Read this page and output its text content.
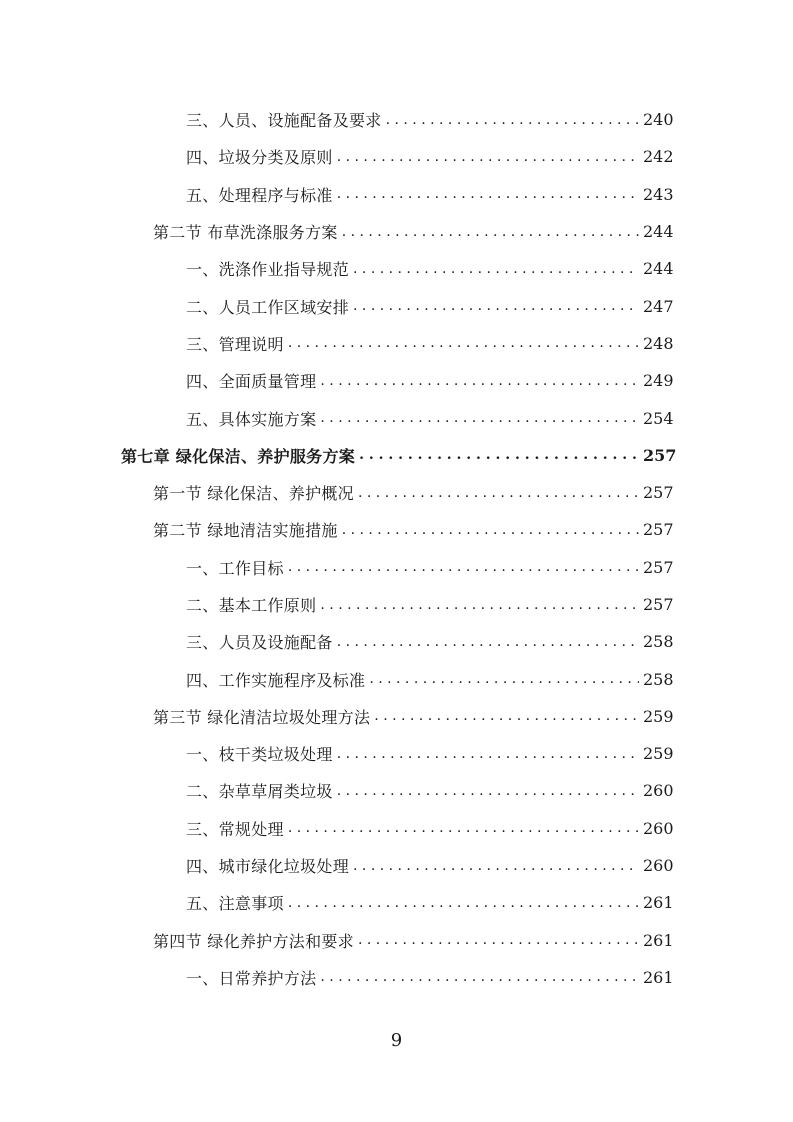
三、人员、设施配备及要求 . . .	240
四、垃圾分类及原则 . . .	242
五、处理程序与标准 . . .	243
第二节 布草洗涤服务方案 . . .	244
一、洗涤作业指导规范 . . .	244
二、人员工作区域安排 . . .	247
三、管理说明 . . .	248
四、全面质量管理 . . .	249
五、具体实施方案 . . .	254
第七章 绿化保洁、养护服务方案 . . .	257
第一节 绿化保洁、养护概况 . . .	257
第二节 绿地清洁实施措施 . . .	257
一、工作目标 . . .	257
二、基本工作原则 . . .	257
三、人员及设施配备 . . .	258
四、工作实施程序及标准 . . .	258
第三节 绿化清洁垃圾处理方法 . . .	259
一、枝干类垃圾处理 . . .	259
二、杂草草屑类垃圾 . . .	260
三、常规处理 . . .	260
四、城市绿化垃圾处理 . . .	260
五、注意事项 . . .	261
第四节 绿化养护方法和要求 . . .	261
一、日常养护方法 . . .	261
9
